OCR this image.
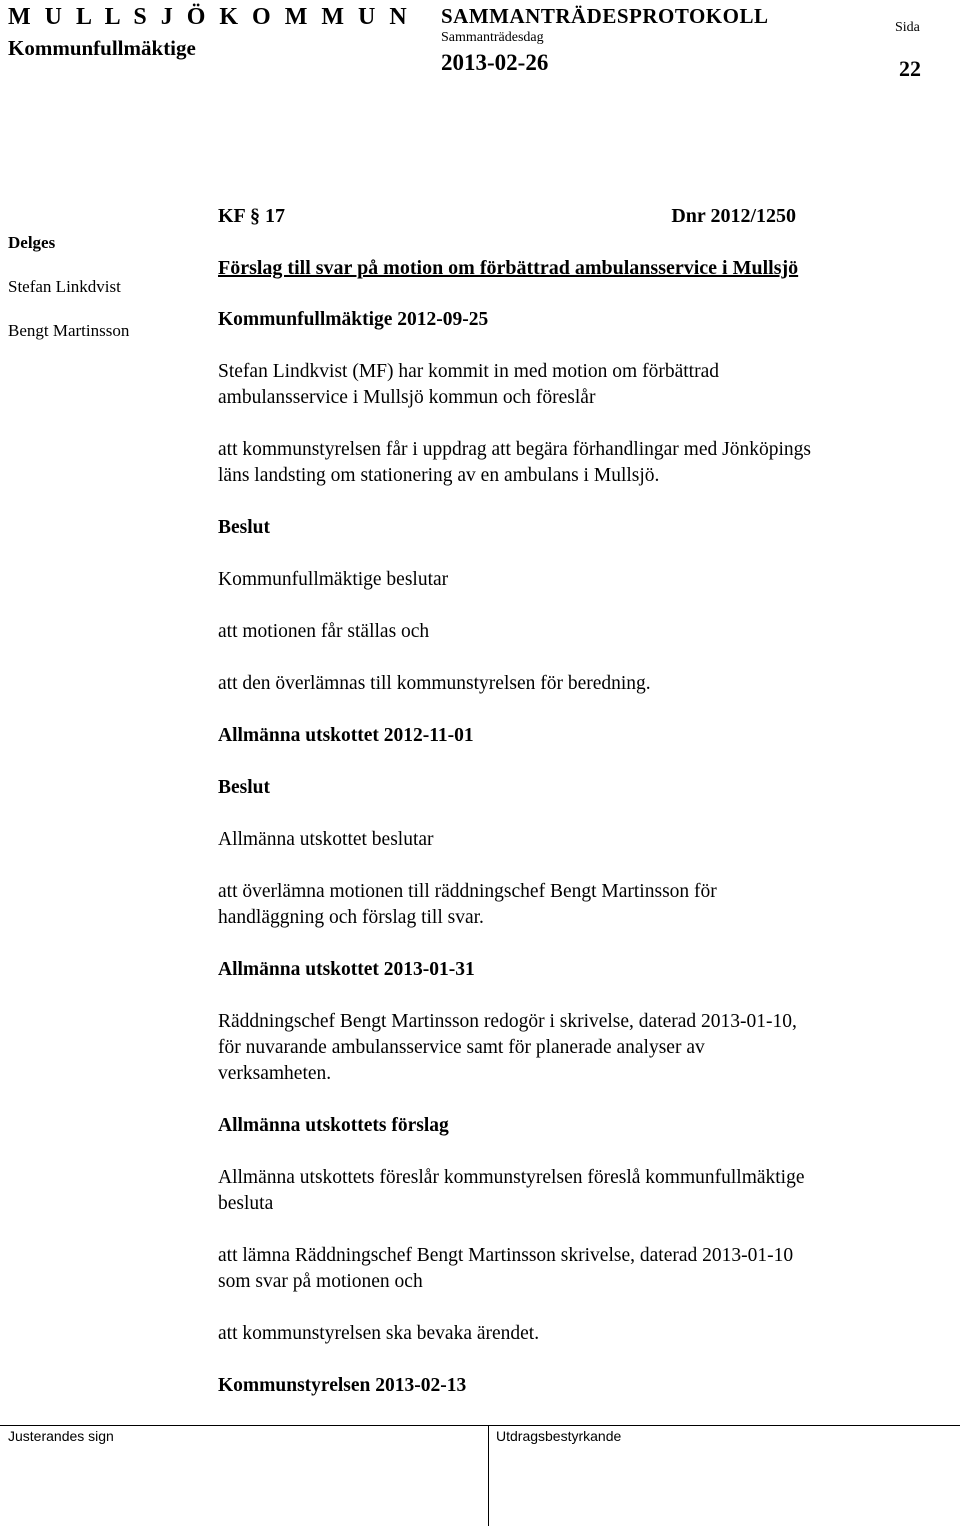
M U L L S J Ö K O M M U N
Kommunfullmäktige
SAMMANTRÄDESPROTOKOLL
Sammanträdesdag
2013-02-26
Sida
22
Delges
Stefan Linkdvist
Bengt Martinsson
KF § 17	Dnr 2012/1250

Förslag till svar på motion om förbättrad ambulansservice i Mullsjö

Kommunfullmäktige 2012-09-25

Stefan Lindkvist (MF) har kommit in med motion om förbättrad

ambulansservice i Mullsjö kommun och föreslår

att kommunstyrelsen får i uppdrag att begära förhandlingar med Jönköpings

läns landsting om stationering av en ambulans i Mullsjö.

Beslut

Kommunfullmäktige beslutar

att motionen får ställas och

att den överlämnas till kommunstyrelsen för beredning.

Allmänna utskottet 2012-11-01

Beslut

Allmänna utskottet beslutar

att överlämna motionen till räddningschef Bengt Martinsson för

handläggning och förslag till svar.

Allmänna utskottet 2013-01-31

Räddningschef Bengt Martinsson redogör i skrivelse, daterad 2013-01-10,

för nuvarande ambulansservice samt för planerade analyser av

verksamheten.

Allmänna utskottets förslag

Allmänna utskottets föreslår kommunstyrelsen föreslå kommunfullmäktige

besluta

att lämna Räddningschef Bengt Martinsson skrivelse, daterad 2013-01-10

som svar på motionen och

att kommunstyrelsen ska bevaka ärendet.

Kommunstyrelsen 2013-02-13

Justerandes sign	Utdragsbestyrkande
